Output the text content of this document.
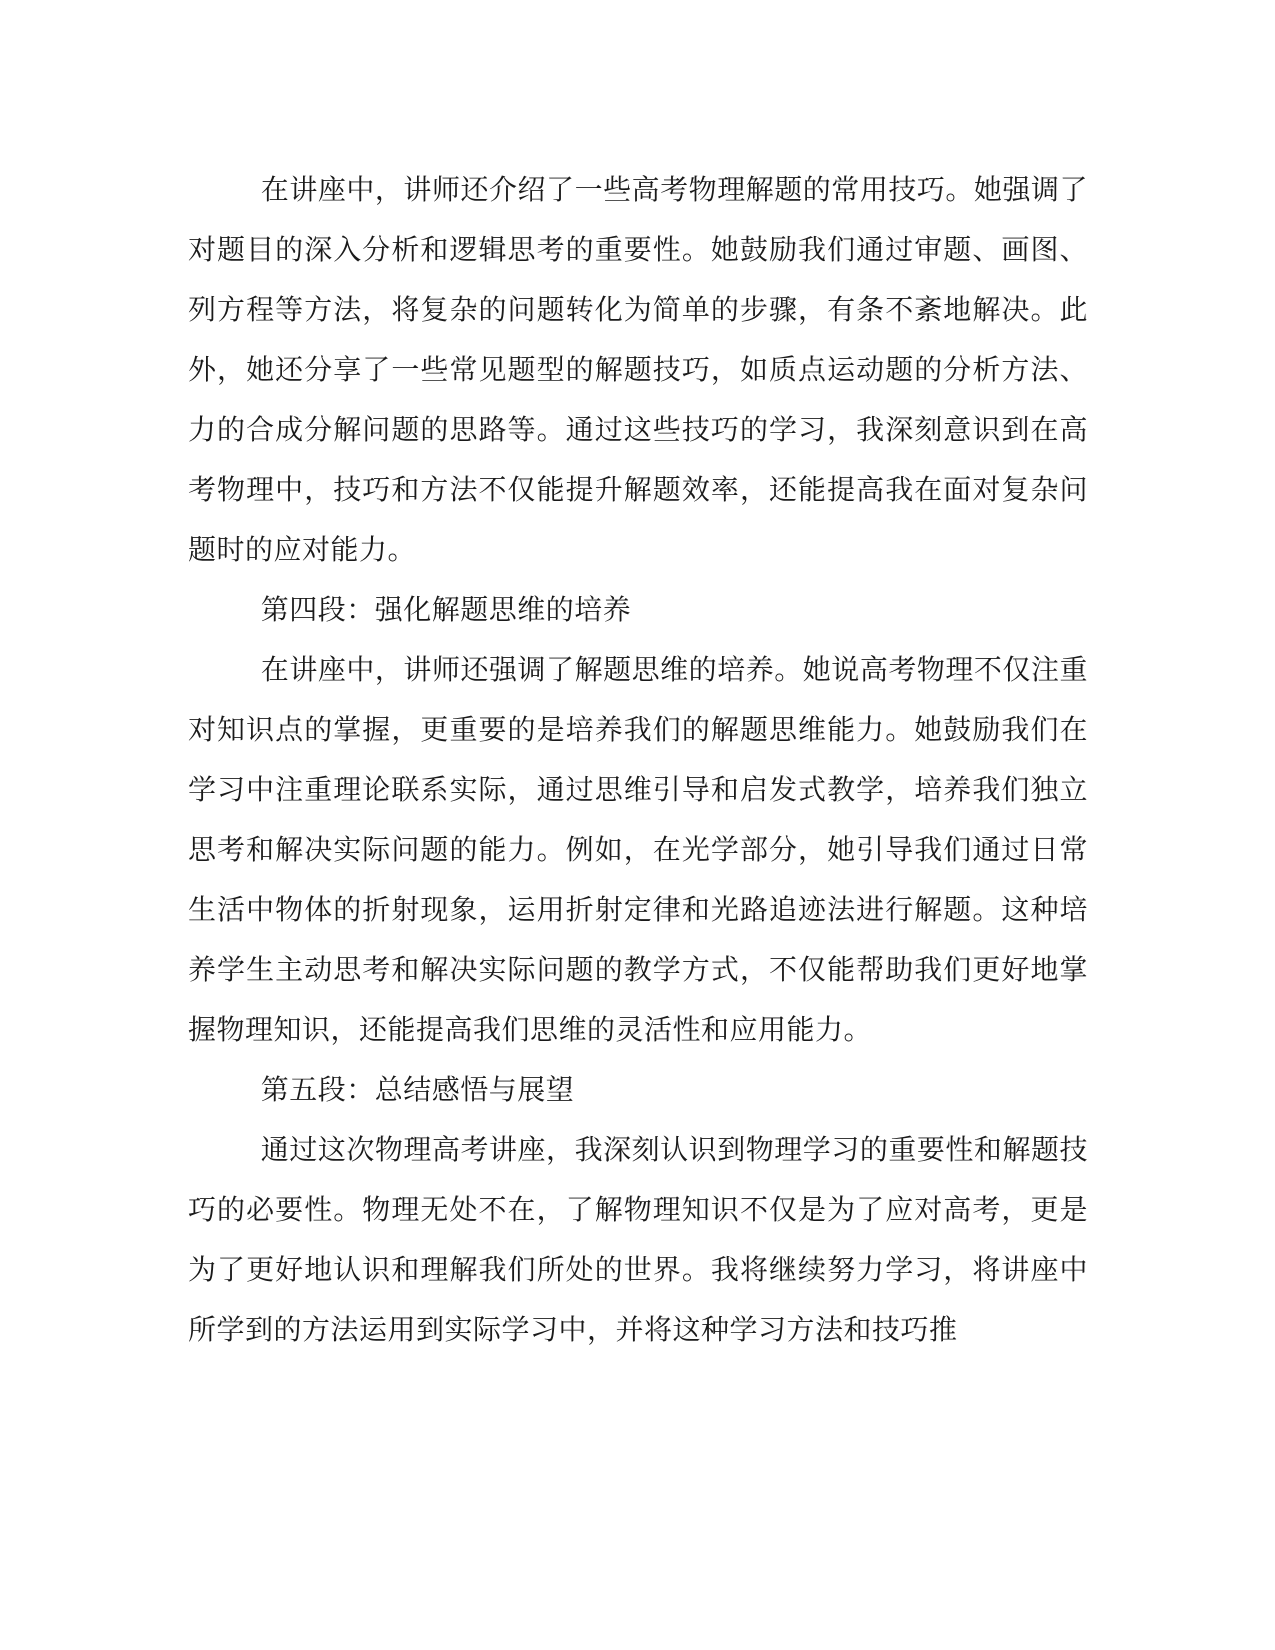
在讲座中，讲师还介绍了一些高考物理解题的常用技巧。她强调了对题目的深入分析和逻辑思考的重要性。她鼓励我们通过审题、画图、列方程等方法，将复杂的问题转化为简单的步骤，有条不紊地解决。此外，她还分享了一些常见题型的解题技巧，如质点运动题的分析方法、力的合成分解问题的思路等。通过这些技巧的学习，我深刻意识到在高考物理中，技巧和方法不仅能提升解题效率，还能提高我在面对复杂问题时的应对能力。

第四段：强化解题思维的培养

在讲座中，讲师还强调了解题思维的培养。她说高考物理不仅注重对知识点的掌握，更重要的是培养我们的解题思维能力。她鼓励我们在学习中注重理论联系实际，通过思维引导和启发式教学，培养我们独立思考和解决实际问题的能力。例如，在光学部分，她引导我们通过日常生活中物体的折射现象，运用折射定律和光路追迹法进行解题。这种培养学生主动思考和解决实际问题的教学方式，不仅能帮助我们更好地掌握物理知识，还能提高我们思维的灵活性和应用能力。

第五段：总结感悟与展望

通过这次物理高考讲座，我深刻认识到物理学习的重要性和解题技巧的必要性。物理无处不在，了解物理知识不仅是为了应对高考，更是为了更好地认识和理解我们所处的世界。我将继续努力学习，将讲座中所学到的方法运用到实际学习中，并将这种学习方法和技巧推
